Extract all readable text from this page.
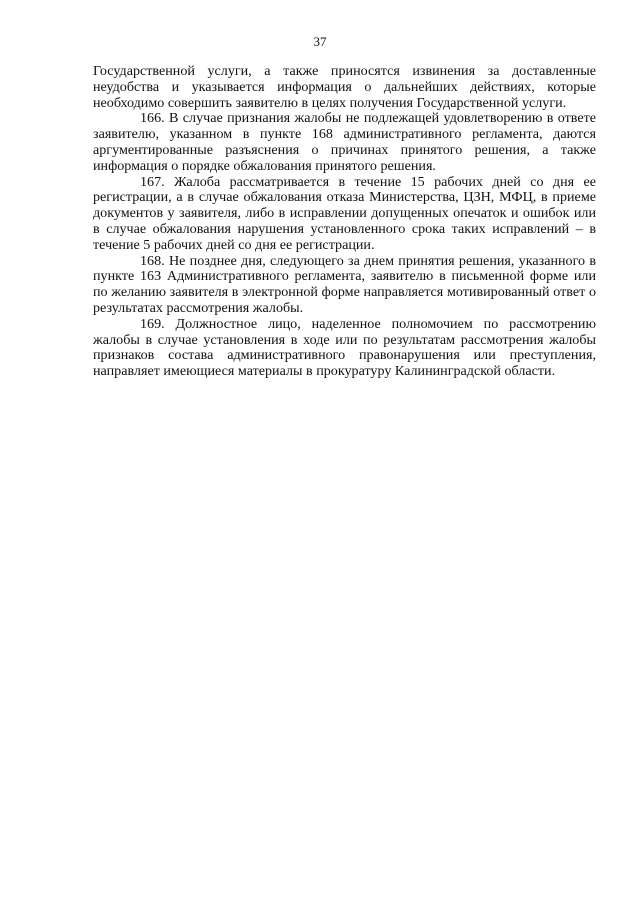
37

Государственной услуги, а также приносятся извинения за доставленные неудобства и указывается информация о дальнейших действиях, которые необходимо совершить заявителю в целях получения Государственной услуги.

166. В случае признания жалобы не подлежащей удовлетворению в ответе заявителю, указанном в пункте 168 административного регламента, даются аргументированные разъяснения о причинах принятого решения, а также информация о порядке обжалования принятого решения.

167. Жалоба рассматривается в течение 15 рабочих дней со дня ее регистрации, а в случае обжалования отказа Министерства, ЦЗН, МФЦ, в приеме документов у заявителя, либо в исправлении допущенных опечаток и ошибок или в случае обжалования нарушения установленного срока таких исправлений – в течение 5 рабочих дней со дня ее регистрации.

168. Не позднее дня, следующего за днем принятия решения, указанного в пункте 163 Административного регламента, заявителю в письменной форме или по желанию заявителя в электронной форме направляется мотивированный ответ о результатах рассмотрения жалобы.

169. Должностное лицо, наделенное полномочием по рассмотрению жалобы в случае установления в ходе или по результатам рассмотрения жалобы признаков состава административного правонарушения или преступления, направляет имеющиеся материалы в прокуратуру Калининградской области.
